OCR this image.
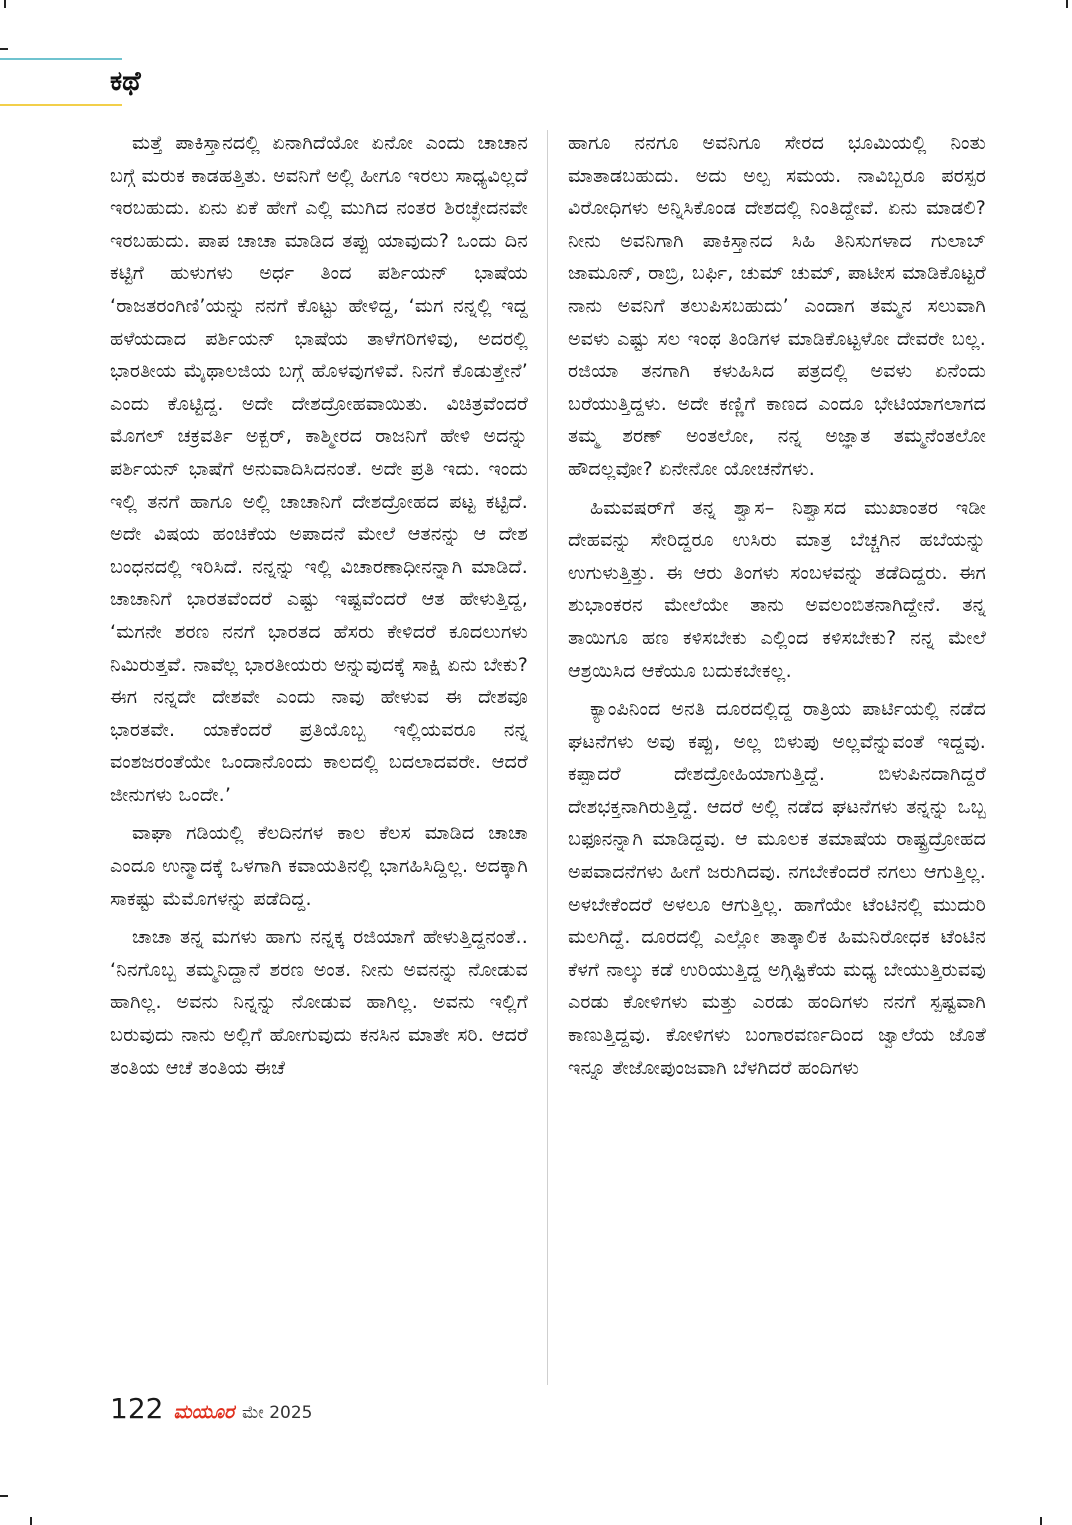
ಕಥೆ

ಮತ್ತೆ ಪಾಕಿಸ್ತಾನದಲ್ಲಿ ಏನಾಗಿದೆಯೋ ಏನೋ ಎಂದು ಚಾಚಾನ ಬಗ್ಗೆ ಮರುಕ ಕಾಡಹತ್ತಿತು. ಅವನಿಗೆ ಅಲ್ಲಿ ಹೀಗೂ ಇರಲು ಸಾಧ್ಯವಿಲ್ಲದೆ ಇರಬಹುದು. ಏನು ಏಕೆ ಹೇಗೆ ಎಲ್ಲಿ ಮುಗಿದ ನಂತರ ಶಿರಚ್ಛೇದನವೇ ಇರಬಹುದು. ಪಾಪ ಚಾಚಾ ಮಾಡಿದ ತಪ್ಪು ಯಾವುದು? ಒಂದು ದಿನ ಕಟ್ಟಿಗೆ ಹುಳುಗಳು ಅರ್ಧ ತಿಂದ ಪರ್ಶಿಯನ್ ಭಾಷೆಯ ‘ರಾಜತರಂಗಿಣಿ’ಯನ್ನು ನನಗೆ ಕೊಟ್ಟು ಹೇಳಿದ್ದ, ‘ಮಗ ನನ್ನಲ್ಲಿ ಇದ್ದ ಹಳೆಯದಾದ ಪರ್ಶಿಯನ್ ಭಾಷೆಯ ತಾಳೆಗರಿಗಳಿವು, ಅದರಲ್ಲಿ ಭಾರತೀಯ ಮೈಥಾಲಜಿಯ ಬಗ್ಗೆ ಹೊಳವುಗಳಿವೆ. ನಿನಗೆ ಕೊಡುತ್ತೇನೆ’ ಎಂದು ಕೊಟ್ಟಿದ್ದ. ಅದೇ ದೇಶದ್ರೋಹವಾಯಿತು. ವಿಚಿತ್ರವೆಂದರೆ ಮೊಗಲ್ ಚಕ್ರವರ್ತಿ ಅಕ್ಬರ್, ಕಾಶ್ಮೀರದ ರಾಜನಿಗೆ ಹೇಳಿ ಅದನ್ನು ಪರ್ಶಿಯನ್ ಭಾಷೆಗೆ ಅನುವಾದಿಸಿದನಂತೆ. ಅದೇ ಪ್ರತಿ ಇದು. ಇಂದು ಇಲ್ಲಿ ತನಗೆ ಹಾಗೂ ಅಲ್ಲಿ ಚಾಚಾನಿಗೆ ದೇಶದ್ರೋಹದ ಪಟ್ಟ ಕಟ್ಟಿದೆ. ಅದೇ ವಿಷಯ ಹಂಚಿಕೆಯ ಅಪಾದನೆ ಮೇಲೆ ಆತನನ್ನು ಆ ದೇಶ ಬಂಧನದಲ್ಲಿ ಇರಿಸಿದೆ. ನನ್ನನ್ನು ಇಲ್ಲಿ ವಿಚಾರಣಾಧೀನನ್ನಾಗಿ ಮಾಡಿದೆ. ಚಾಚಾನಿಗೆ ಭಾರತವೆಂದರೆ ಎಷ್ಟು ಇಷ್ಟವೆಂದರೆ ಆತ ಹೇಳುತ್ತಿದ್ದ, ‘ಮಗನೇ ಶರಣ ನನಗೆ ಭಾರತದ ಹೆಸರು ಕೇಳಿದರೆ ಕೂದಲುಗಳು ನಿಮಿರುತ್ತವೆ. ನಾವೆಲ್ಲ ಭಾರತೀಯರು ಅನ್ನುವುದಕ್ಕೆ ಸಾಕ್ಷಿ ಏನು ಬೇಕು? ಈಗ ನನ್ನದೇ ದೇಶವೇ ಎಂದು ನಾವು ಹೇಳುವ ಈ ದೇಶವೂ ಭಾರತವೇ. ಯಾಕೆಂದರೆ ಪ್ರತಿಯೊಬ್ಬ ಇಲ್ಲಿಯವರೂ ನನ್ನ ವಂಶಜರಂತೆಯೇ ಒಂದಾನೊಂದು ಕಾಲದಲ್ಲಿ ಬದಲಾದವರೇ. ಆದರೆ ಜೀನುಗಳು ಒಂದೇ.’

ವಾಘಾ ಗಡಿಯಲ್ಲಿ ಕೆಲದಿನಗಳ ಕಾಲ ಕೆಲಸ ಮಾಡಿದ ಚಾಚಾ ಎಂದೂ ಉನ್ಮಾದಕ್ಕೆ ಒಳಗಾಗಿ ಕವಾಯತಿನಲ್ಲಿ ಭಾಗಹಿಸಿದ್ದಿಲ್ಲ. ಅದಕ್ಕಾಗಿ ಸಾಕಷ್ಟು ಮೆಮೊಗಳನ್ನು ಪಡೆದಿದ್ದ.

ಚಾಚಾ ತನ್ನ ಮಗಳು ಹಾಗು ನನ್ನಕ್ಕ ರಜಿಯಾಗೆ ಹೇಳುತ್ತಿದ್ದನಂತೆ.. ‘ನಿನಗೊಬ್ಬ ತಮ್ಮನಿದ್ದಾನೆ ಶರಣ ಅಂತ. ನೀನು ಅವನನ್ನು ನೋಡುವ ಹಾಗಿಲ್ಲ. ಅವನು ನಿನ್ನನ್ನು ನೋಡುವ ಹಾಗಿಲ್ಲ. ಅವನು ಇಲ್ಲಿಗೆ ಬರುವುದು ನಾನು ಅಲ್ಲಿಗೆ ಹೋಗುವುದು ಕನಸಿನ ಮಾತೇ ಸರಿ. ಆದರೆ ತಂತಿಯ ಆಚೆ ತಂತಿಯ ಈಚೆ

ಹಾಗೂ ನನಗೂ ಅವನಿಗೂ ಸೇರದ ಭೂಮಿಯಲ್ಲಿ ನಿಂತು ಮಾತಾಡಬಹುದು. ಅದು ಅಲ್ಪ ಸಮಯ. ನಾವಿಬ್ಬರೂ ಪರಸ್ಪರ ವಿರೋಧಿಗಳು ಅನ್ನಿಸಿಕೊಂಡ ದೇಶದಲ್ಲಿ ನಿಂತಿದ್ದೇವೆ. ಏನು ಮಾಡಲಿ? ನೀನು ಅವನಿಗಾಗಿ ಪಾಕಿಸ್ತಾನದ ಸಿಹಿ ತಿನಿಸುಗಳಾದ ಗುಲಾಬ್ ಜಾಮೂನ್, ರಾಬ್ರಿ, ಬರ್ಫಿ, ಚುಮ್ ಚುಮ್, ಪಾಟೀಸ ಮಾಡಿಕೊಟ್ಟರೆ ನಾನು ಅವನಿಗೆ ತಲುಪಿಸಬಹುದು’ ಎಂದಾಗ ತಮ್ಮನ ಸಲುವಾಗಿ ಅವಳು ಎಷ್ಟು ಸಲ ಇಂಥ ತಿಂಡಿಗಳ ಮಾಡಿಕೊಟ್ಟಳೋ ದೇವರೇ ಬಲ್ಲ. ರಜಿಯಾ ತನಗಾಗಿ ಕಳುಹಿಸಿದ ಪತ್ರದಲ್ಲಿ ಅವಳು ಏನೆಂದು ಬರೆಯುತ್ತಿದ್ದಳು. ಅದೇ ಕಣ್ಣಿಗೆ ಕಾಣದ ಎಂದೂ ಭೇಟಿಯಾಗಲಾಗದ ತಮ್ಮ ಶರಣ್ ಅಂತಲೋ, ನನ್ನ ಅಜ್ಞಾತ ತಮ್ಮನೆಂತಲೋ ಹೌದಲ್ಲವೋ? ಏನೇನೋ ಯೋಚನೆಗಳು.

ಹಿಮವಷರ್‌ಗೆ ತನ್ನ ಶ್ವಾಸ– ನಿಶ್ವಾಸದ ಮುಖಾಂತರ ಇಡೀ ದೇಹವನ್ನು ಸೇರಿದ್ದರೂ ಉಸಿರು ಮಾತ್ರ ಬೆಚ್ಚಗಿನ ಹಬೆಯನ್ನು ಉಗುಳುತ್ತಿತ್ತು. ಈ ಆರು ತಿಂಗಳು ಸಂಬಳವನ್ನು ತಡೆದಿದ್ದರು. ಈಗ ಶುಭಾಂಕರನ ಮೇಲೆಯೇ ತಾನು ಅವಲಂಬಿತನಾಗಿದ್ದೇನೆ. ತನ್ನ ತಾಯಿಗೂ ಹಣ ಕಳಿಸಬೇಕು ಎಲ್ಲಿಂದ ಕಳಿಸಬೇಕು? ನನ್ನ ಮೇಲೆ ಆಶ್ರಯಿಸಿದ ಆಕೆಯೂ ಬದುಕಬೇಕಲ್ಲ.

ಕ್ಯಾಂಪಿನಿಂದ ಅನತಿ ದೂರದಲ್ಲಿದ್ದ ರಾತ್ರಿಯ ಪಾರ್ಟಿಯಲ್ಲಿ ನಡೆದ ಘಟನೆಗಳು ಅವು ಕಪ್ಪು, ಅಲ್ಲ ಬಿಳುಪು ಅಲ್ಲವೆನ್ನುವಂತೆ ಇದ್ದವು. ಕಪ್ಪಾದರೆ ದೇಶದ್ರೋಹಿಯಾಗುತ್ತಿದ್ದೆ. ಬಿಳುಪಿನದಾಗಿದ್ದರೆ ದೇಶಭಕ್ತನಾಗಿರುತ್ತಿದ್ದೆ. ಆದರೆ ಅಲ್ಲಿ ನಡೆದ ಘಟನೆಗಳು ತನ್ನನ್ನು ಒಬ್ಬ ಬಫೂನನ್ನಾಗಿ ಮಾಡಿದ್ದವು. ಆ ಮೂಲಕ ತಮಾಷೆಯ ರಾಷ್ಟ್ರದ್ರೋಹದ ಅಪವಾದನೆಗಳು ಹೀಗೆ ಜರುಗಿದವು. ನಗಬೇಕೆಂದರೆ ನಗಲು ಆಗುತ್ತಿಲ್ಲ. ಅಳಬೇಕೆಂದರೆ ಅಳಲೂ ಆಗುತ್ತಿಲ್ಲ. ಹಾಗೆಯೇ ಟೆಂಟಿನಲ್ಲಿ ಮುದುರಿ ಮಲಗಿದ್ದೆ. ದೂರದಲ್ಲಿ ಎಲ್ಲೋ ತಾತ್ಕಾಲಿಕ ಹಿಮನಿರೋಧಕ ಟೆಂಟಿನ ಕೆಳಗೆ ನಾಲ್ಕು ಕಡೆ ಉರಿಯುತ್ತಿದ್ದ ಅಗ್ಗಿಷ್ಟಿಕೆಯ ಮಧ್ಯ ಬೇಯುತ್ತಿರುವವು ಎರಡು ಕೋಳಿಗಳು ಮತ್ತು ಎರಡು ಹಂದಿಗಳು ನನಗೆ ಸ್ಪಷ್ಟವಾಗಿ ಕಾಣುತ್ತಿದ್ದವು. ಕೋಳಿಗಳು ಬಂಗಾರವರ್ಣದಿಂದ ಜ್ವಾಲೆಯ ಜೊತೆ ಇನ್ನೂ ತೇಜೋಪುಂಜವಾಗಿ ಬೆಳಗಿದರೆ ಹಂದಿಗಳು

122 ಮಯೂರ ಮೇ 2025
